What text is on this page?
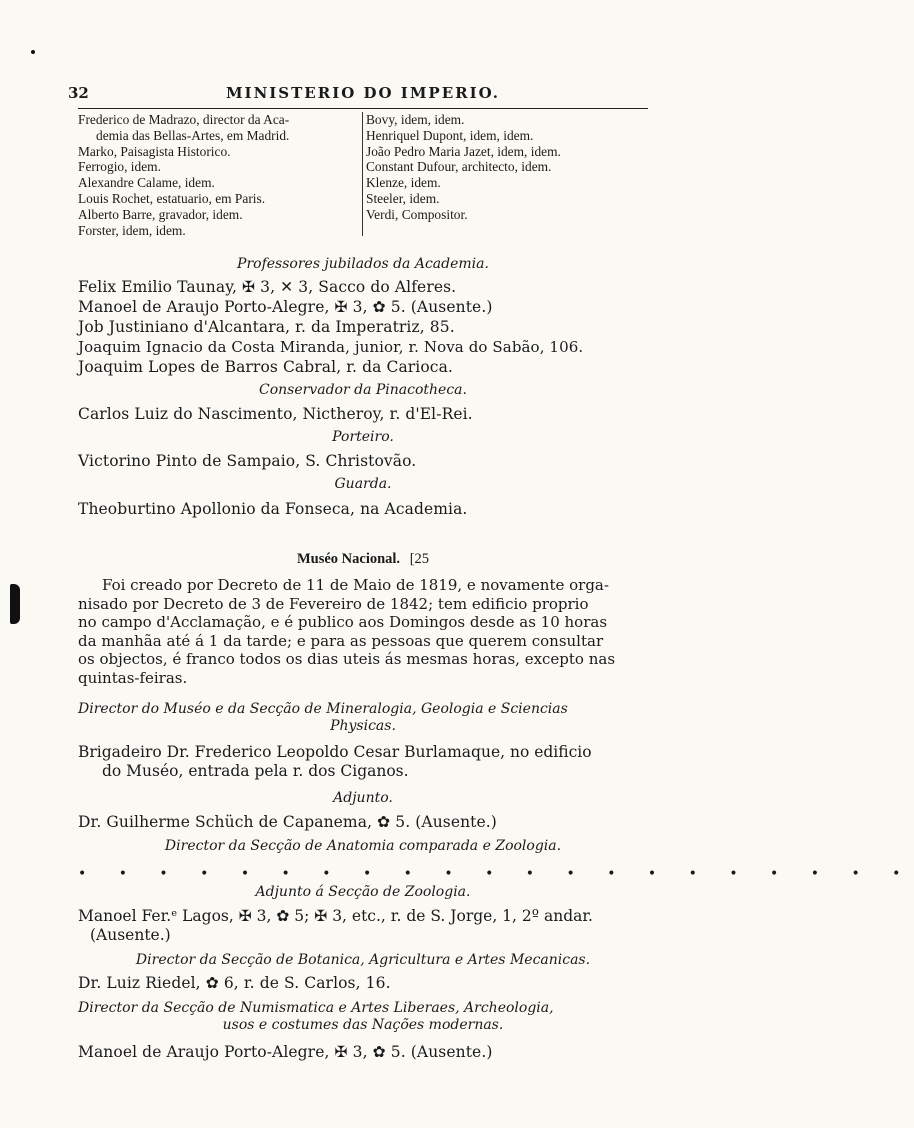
32	MINISTERIO DO IMPERIO.
Frederico de Madrazo, director da Aca-
demia das Bellas-Artes, em Madrid.
Marko, Paisagista Historico.
Ferrogio, idem.
Alexandre Calame, idem.
Louis Rochet, estatuario, em Paris.
Alberto Barre, gravador, idem.
Forster, idem, idem.
Bovy, idem, idem.
Henriquel Dupont, idem, idem.
João Pedro Maria Jazet, idem, idem.
Constant Dufour, architecto, idem.
Klenze, idem.
Steeler, idem.
Verdi, Compositor.
Professores jubilados da Academia.
Felix Emilio Taunay, ✠ 3, ✕ 3, Sacco do Alferes.
Manoel de Araujo Porto-Alegre, ✠ 3, ✿ 5. (Ausente.)
Job Justiniano d'Alcantara, r. da Imperatriz, 85.
Joaquim Ignacio da Costa Miranda, junior, r. Nova do Sabão, 106.
Joaquim Lopes de Barros Cabral, r. da Carioca.
Conservador da Pinacotheca.
Carlos Luiz do Nascimento, Nictheroy, r. d'El-Rei.
Porteiro.
Victorino Pinto de Sampaio, S. Christovão.
Guarda.
Theoburtino Apollonio da Fonseca, na Academia.
Muséo Nacional. [25
Foi creado por Decreto de 11 de Maio de 1819, e novamente orga-
nisado por Decreto de 3 de Fevereiro de 1842; tem edificio proprio
no campo d'Acclamação, e é publico aos Domingos desde as 10 horas
da manhãa até á 1 da tarde; e para as pessoas que querem consultar
os objectos, é franco todos os dias uteis ás mesmas horas, excepto nas
quintas-feiras.
Director do Muséo e da Secção de Mineralogia, Geologia e Sciencias
Physicas.
Brigadeiro Dr. Frederico Leopoldo Cesar Burlamaque, no edificio
do Muséo, entrada pela r. dos Ciganos.
Adjunto.
Dr. Guilherme Schüch de Capanema, ✿ 5. (Ausente.)
Director da Secção de Anatomia comparada e Zoologia.
• • • • • • • • • • • • • • • • • • • • •
Adjunto á Secção de Zoologia.
Manoel Fer.ᵉ Lagos, ✠ 3, ✿ 5; ✠ 3, etc., r. de S. Jorge, 1, 2º andar.
(Ausente.)
Director da Secção de Botanica, Agricultura e Artes Mecanicas.
Dr. Luiz Riedel, ✿ 6, r. de S. Carlos, 16.
Director da Secção de Numismatica e Artes Liberaes, Archeologia,
usos e costumes das Nações modernas.
Manoel de Araujo Porto-Alegre, ✠ 3, ✿ 5. (Ausente.)
